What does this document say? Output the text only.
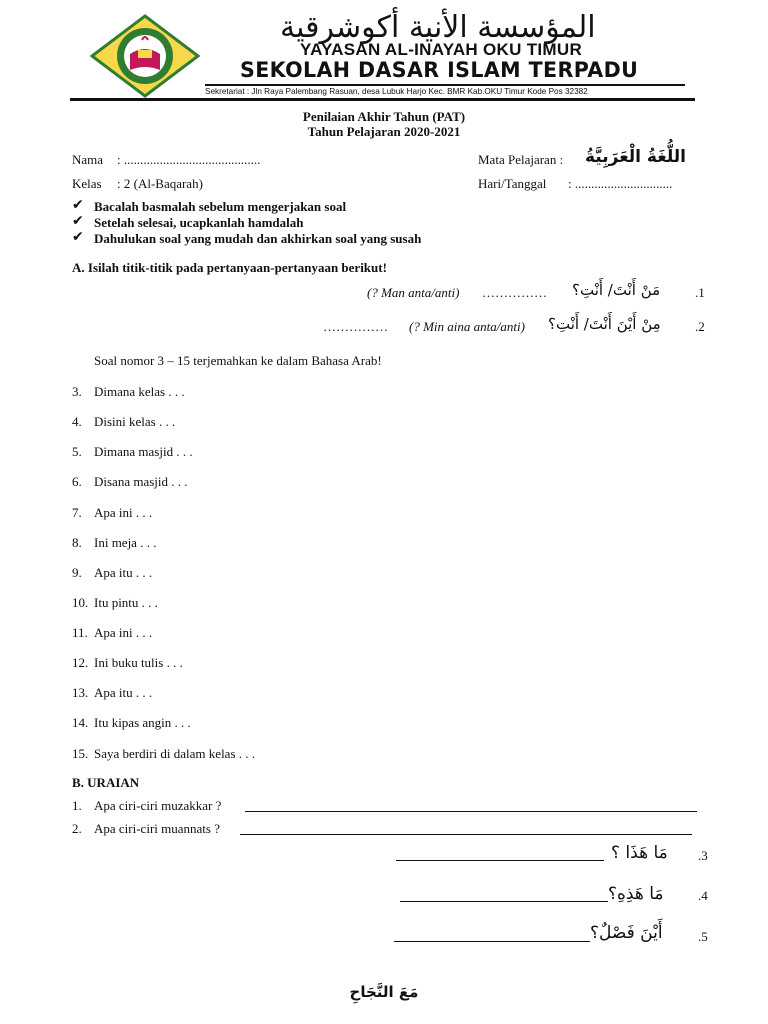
المؤسسة الأنية أكوشرقية
YAYASAN AL-INAYAH OKU TIMUR
SEKOLAH DASAR ISLAM TERPADU
Sekretariat : Jln Raya Palembang Rasuan, desa Lubuk Harjo Kec. BMR Kab.OKU Timur Kode Pos 32382
Penilaian Akhir Tahun (PAT)
Tahun Pelajaran 2020-2021
Nama : ..........................................	Mata Pelajaran : اللُّغَةُ الْعَرَبِيَّةُ
Kelas : 2 (Al-Baqarah)	Hari/Tanggal : ..............................
✔ Bacalah basmalah sebelum mengerjakan soal
✔ Setelah selesai, ucapkanlah hamdalah
✔ Dahulukan soal yang mudah dan akhirkan soal yang susah
A. Isilah titik-titik pada pertanyaan-pertanyaan berikut!
(? Man anta/anti) …………… مَنْ أَنْتَ/ أَنْتِ؟	.1
…………… (? Min aina anta/anti) مِنْ أَيْنَ أَنْتَ/ أَنْتِ؟	.2
Soal nomor 3 – 15 terjemahkan ke dalam Bahasa Arab!
3. Dimana kelas . . .
4. Disini kelas . . .
5. Dimana masjid . . .
6. Disana masjid . . .
7. Apa ini . . .
8. Ini meja . . .
9. Apa itu . . .
10. Itu pintu . . .
11. Apa ini . . .
12. Ini buku tulis . . .
13. Apa itu . . .
14. Itu kipas angin . . .
15. Saya berdiri di dalam kelas . . .
B. URAIAN
1. Apa ciri-ciri muzakkar ?
2. Apa ciri-ciri muannats ?
مَا هَذَا ؟ .3
مَا هَذِهِ؟	.4
أَيْنَ فَصْلٌ؟	.5
مَعَ النَّجَاحِ
